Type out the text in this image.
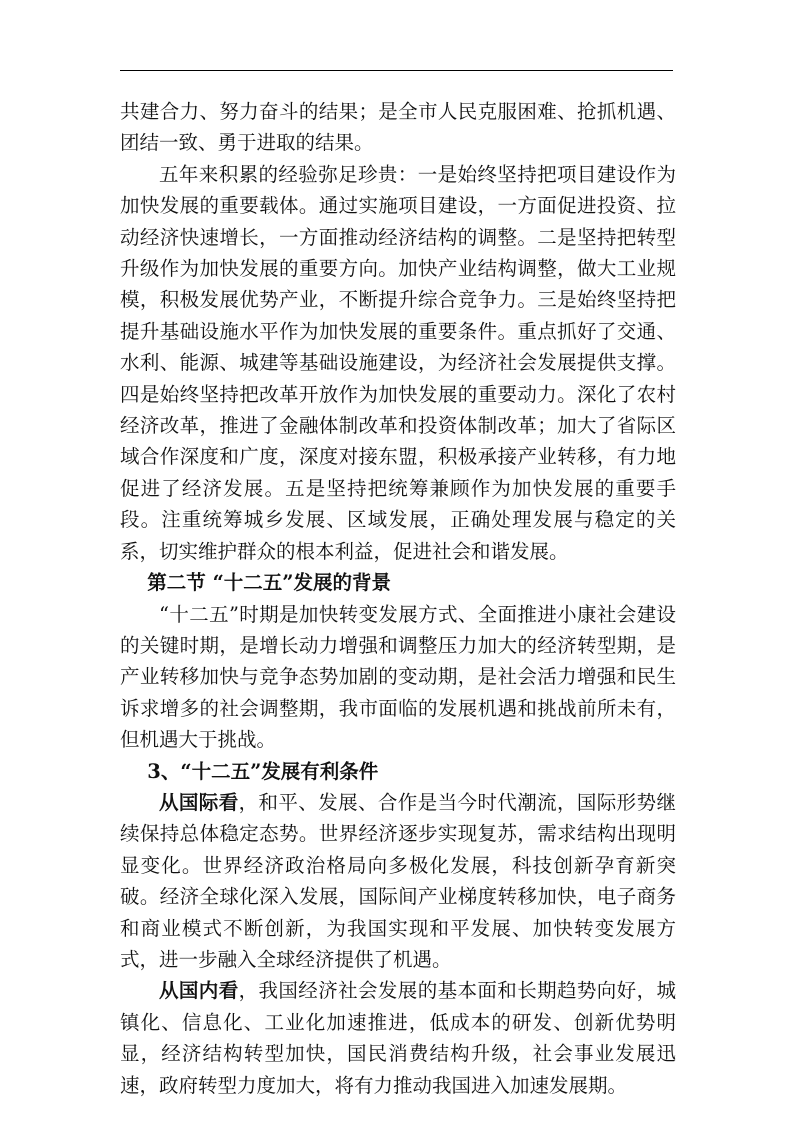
共建合力、努力奋斗的结果；是全市人民克服困难、抢抓机遇、团结一致、勇于进取的结果。

五年来积累的经验弥足珍贵：一是始终坚持把项目建设作为加快发展的重要载体。通过实施项目建设，一方面促进投资、拉动经济快速增长，一方面推动经济结构的调整。二是坚持把转型升级作为加快发展的重要方向。加快产业结构调整，做大工业规模，积极发展优势产业，不断提升综合竞争力。三是始终坚持把提升基础设施水平作为加快发展的重要条件。重点抓好了交通、水利、能源、城建等基础设施建设，为经济社会发展提供支撑。四是始终坚持把改革开放作为加快发展的重要动力。深化了农村经济改革，推进了金融体制改革和投资体制改革；加大了省际区域合作深度和广度，深度对接东盟，积极承接产业转移，有力地促进了经济发展。五是坚持把统筹兼顾作为加快发展的重要手段。注重统筹城乡发展、区域发展，正确处理发展与稳定的关系，切实维护群众的根本利益，促进社会和谐发展。

第二节 “十二五”发展的背景

“十二五”时期是加快转变发展方式、全面推进小康社会建设的关键时期，是增长动力增强和调整压力加大的经济转型期，是产业转移加快与竞争态势加剧的变动期，是社会活力增强和民生诉求增多的社会调整期，我市面临的发展机遇和挑战前所未有，但机遇大于挑战。

3、“十二五”发展有利条件

从国际看，和平、发展、合作是当今时代潮流，国际形势继续保持总体稳定态势。世界经济逐步实现复苏，需求结构出现明显变化。世界经济政治格局向多极化发展，科技创新孕育新突破。经济全球化深入发展，国际间产业梯度转移加快，电子商务和商业模式不断创新，为我国实现和平发展、加快转变发展方式，进一步融入全球经济提供了机遇。

从国内看，我国经济社会发展的基本面和长期趋势向好，城镇化、信息化、工业化加速推进，低成本的研发、创新优势明显，经济结构转型加快，国民消费结构升级，社会事业发展迅速，政府转型力度加大，将有力推动我国进入加速发展期。
